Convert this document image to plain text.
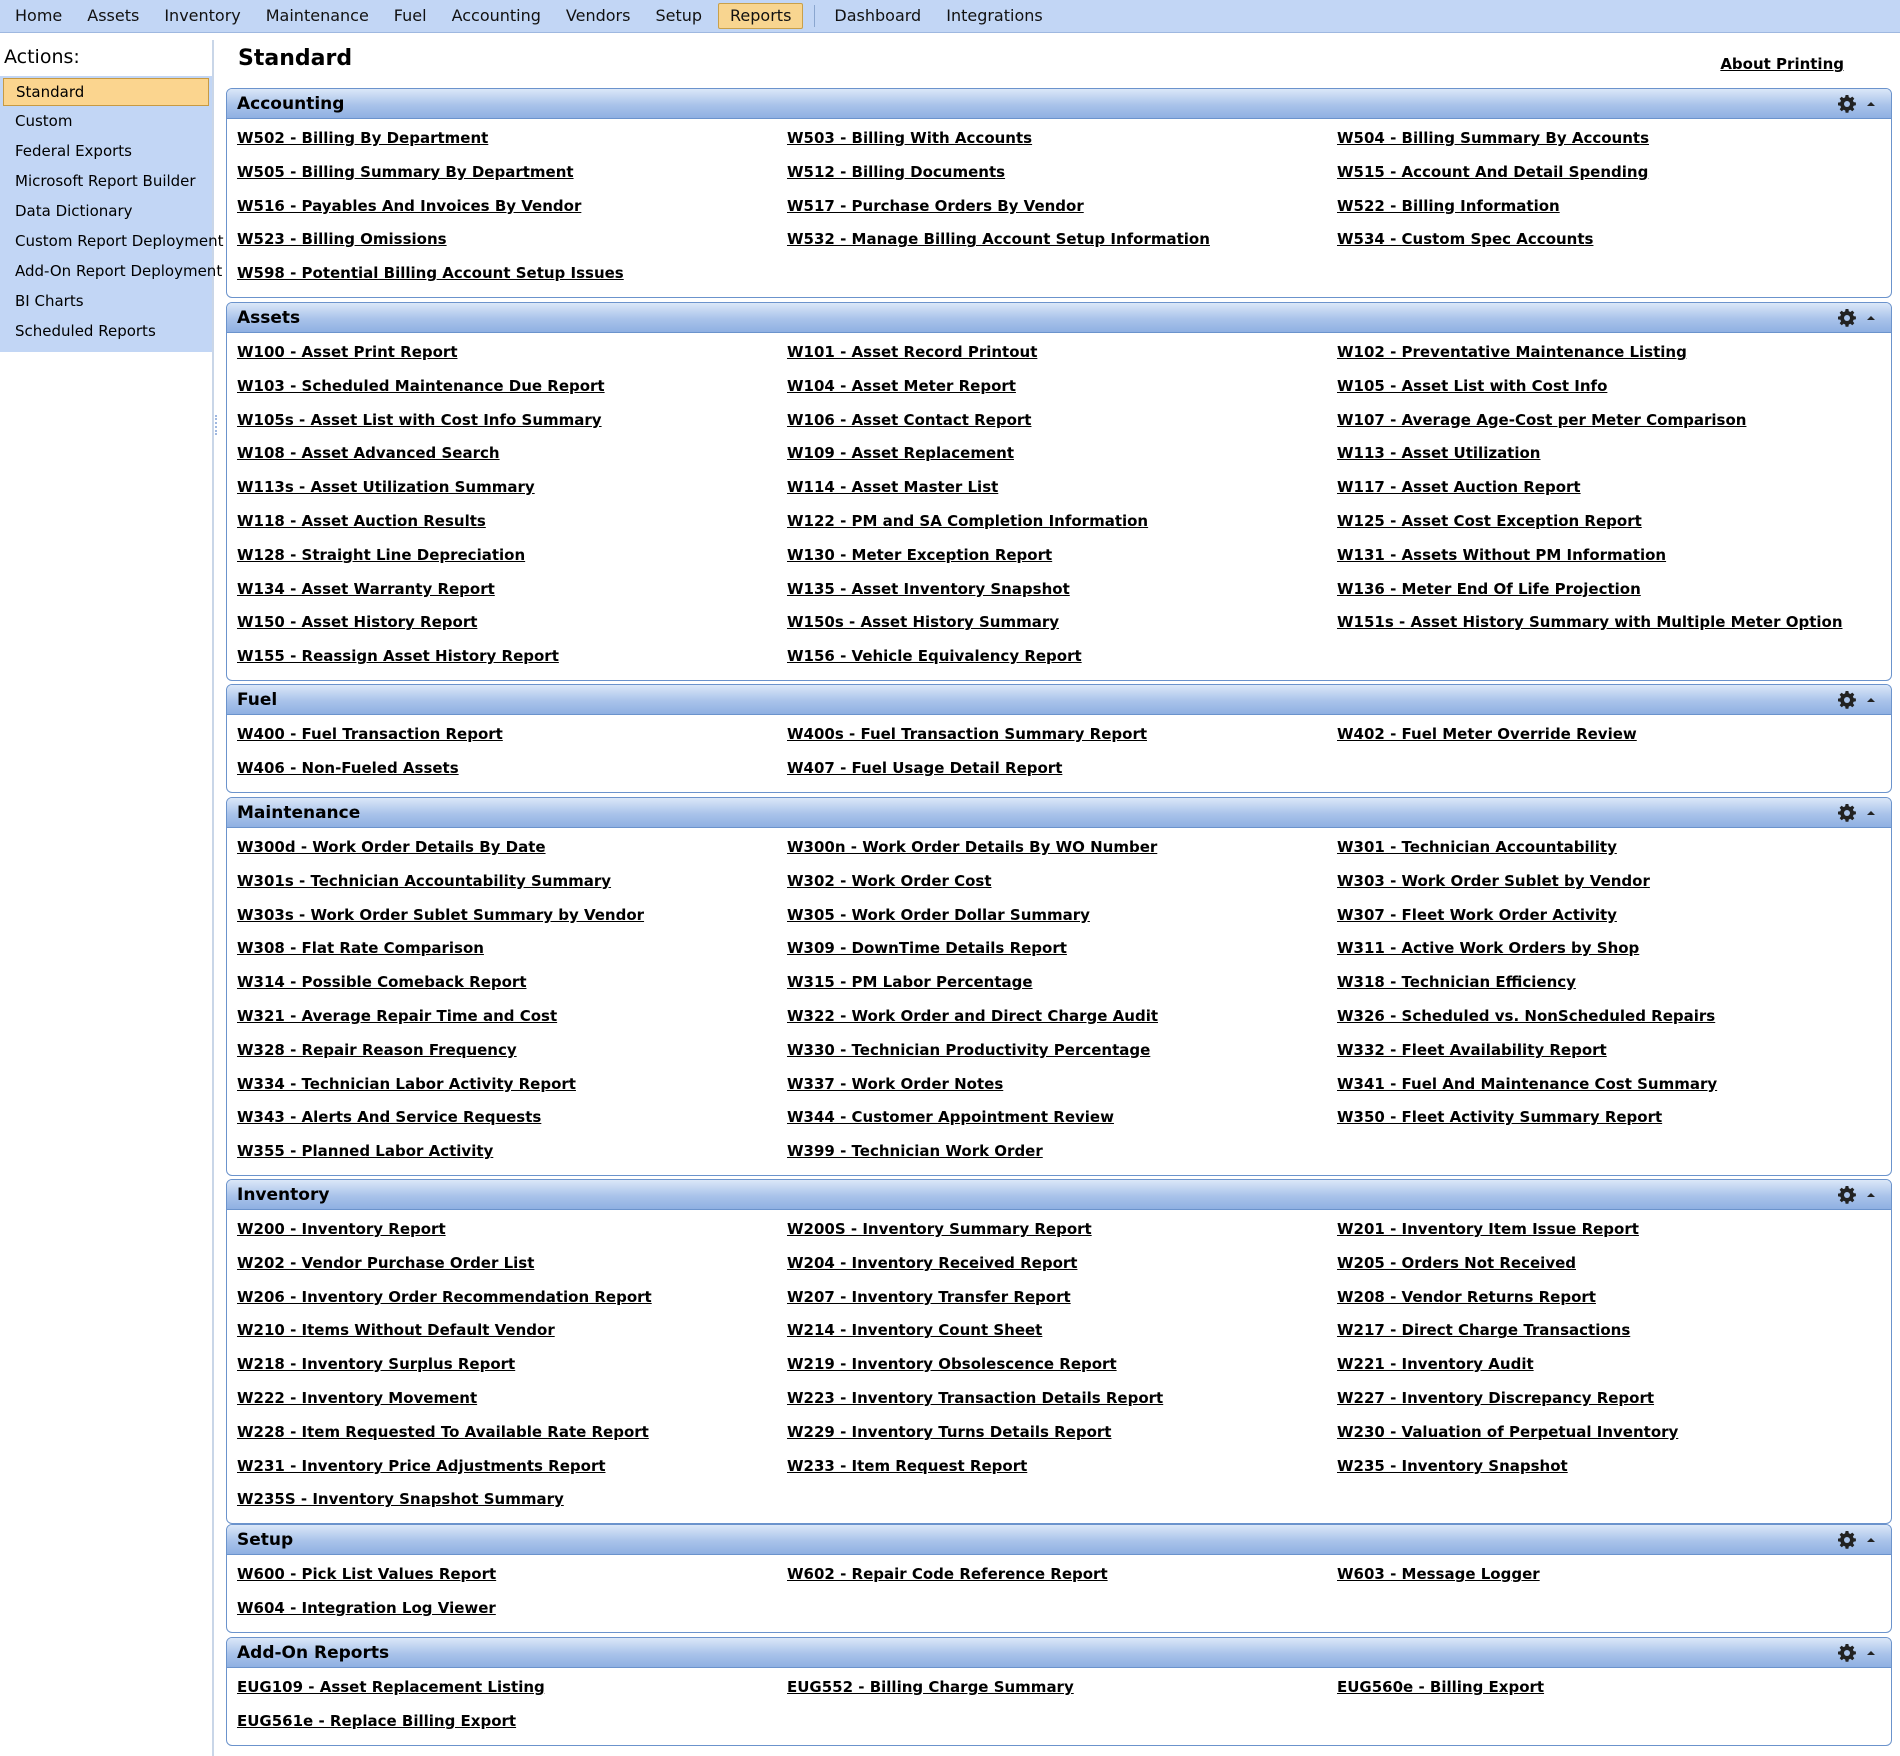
Home	Assets	Inventory	Maintenance	Fuel	Accounting	Vendors	Setup	Reports	Dashboard	Integrations
Actions:
Standard
Custom
Federal Exports
Microsoft Report Builder
Data Dictionary
Custom Report Deployment
Add-On Report Deployment
BI Charts
Scheduled Reports
Standard	About Printing
Accounting
W502 - Billing By Department	W503 - Billing With Accounts	W504 - Billing Summary By Accounts
W505 - Billing Summary By Department	W512 - Billing Documents	W515 - Account And Detail Spending
W516 - Payables And Invoices By Vendor	W517 - Purchase Orders By Vendor	W522 - Billing Information
W523 - Billing Omissions	W532 - Manage Billing Account Setup Information	W534 - Custom Spec Accounts
W598 - Potential Billing Account Setup Issues
Assets
W100 - Asset Print Report	W101 - Asset Record Printout	W102 - Preventative Maintenance Listing
W103 - Scheduled Maintenance Due Report	W104 - Asset Meter Report	W105 - Asset List with Cost Info
W105s - Asset List with Cost Info Summary	W106 - Asset Contact Report	W107 - Average Age-Cost per Meter Comparison
W108 - Asset Advanced Search	W109 - Asset Replacement	W113 - Asset Utilization
W113s - Asset Utilization Summary	W114 - Asset Master List	W117 - Asset Auction Report
W118 - Asset Auction Results	W122 - PM and SA Completion Information	W125 - Asset Cost Exception Report
W128 - Straight Line Depreciation	W130 - Meter Exception Report	W131 - Assets Without PM Information
W134 - Asset Warranty Report	W135 - Asset Inventory Snapshot	W136 - Meter End Of Life Projection
W150 - Asset History Report	W150s - Asset History Summary	W151s - Asset History Summary with Multiple Meter Option
W155 - Reassign Asset History Report	W156 - Vehicle Equivalency Report
Fuel
W400 - Fuel Transaction Report	W400s - Fuel Transaction Summary Report	W402 - Fuel Meter Override Review
W406 - Non-Fueled Assets	W407 - Fuel Usage Detail Report
Maintenance
W300d - Work Order Details By Date	W300n - Work Order Details By WO Number	W301 - Technician Accountability
W301s - Technician Accountability Summary	W302 - Work Order Cost	W303 - Work Order Sublet by Vendor
W303s - Work Order Sublet Summary by Vendor	W305 - Work Order Dollar Summary	W307 - Fleet Work Order Activity
W308 - Flat Rate Comparison	W309 - DownTime Details Report	W311 - Active Work Orders by Shop
W314 - Possible Comeback Report	W315 - PM Labor Percentage	W318 - Technician Efficiency
W321 - Average Repair Time and Cost	W322 - Work Order and Direct Charge Audit	W326 - Scheduled vs. NonScheduled Repairs
W328 - Repair Reason Frequency	W330 - Technician Productivity Percentage	W332 - Fleet Availability Report
W334 - Technician Labor Activity Report	W337 - Work Order Notes	W341 - Fuel And Maintenance Cost Summary
W343 - Alerts And Service Requests	W344 - Customer Appointment Review	W350 - Fleet Activity Summary Report
W355 - Planned Labor Activity	W399 - Technician Work Order
Inventory
W200 - Inventory Report	W200S - Inventory Summary Report	W201 - Inventory Item Issue Report
W202 - Vendor Purchase Order List	W204 - Inventory Received Report	W205 - Orders Not Received
W206 - Inventory Order Recommendation Report	W207 - Inventory Transfer Report	W208 - Vendor Returns Report
W210 - Items Without Default Vendor	W214 - Inventory Count Sheet	W217 - Direct Charge Transactions
W218 - Inventory Surplus Report	W219 - Inventory Obsolescence Report	W221 - Inventory Audit
W222 - Inventory Movement	W223 - Inventory Transaction Details Report	W227 - Inventory Discrepancy Report
W228 - Item Requested To Available Rate Report	W229 - Inventory Turns Details Report	W230 - Valuation of Perpetual Inventory
W231 - Inventory Price Adjustments Report	W233 - Item Request Report	W235 - Inventory Snapshot
W235S - Inventory Snapshot Summary
Setup
W600 - Pick List Values Report	W602 - Repair Code Reference Report	W603 - Message Logger
W604 - Integration Log Viewer
Add-On Reports
EUG109 - Asset Replacement Listing	EUG552 - Billing Charge Summary	EUG560e - Billing Export
EUG561e - Replace Billing Export
